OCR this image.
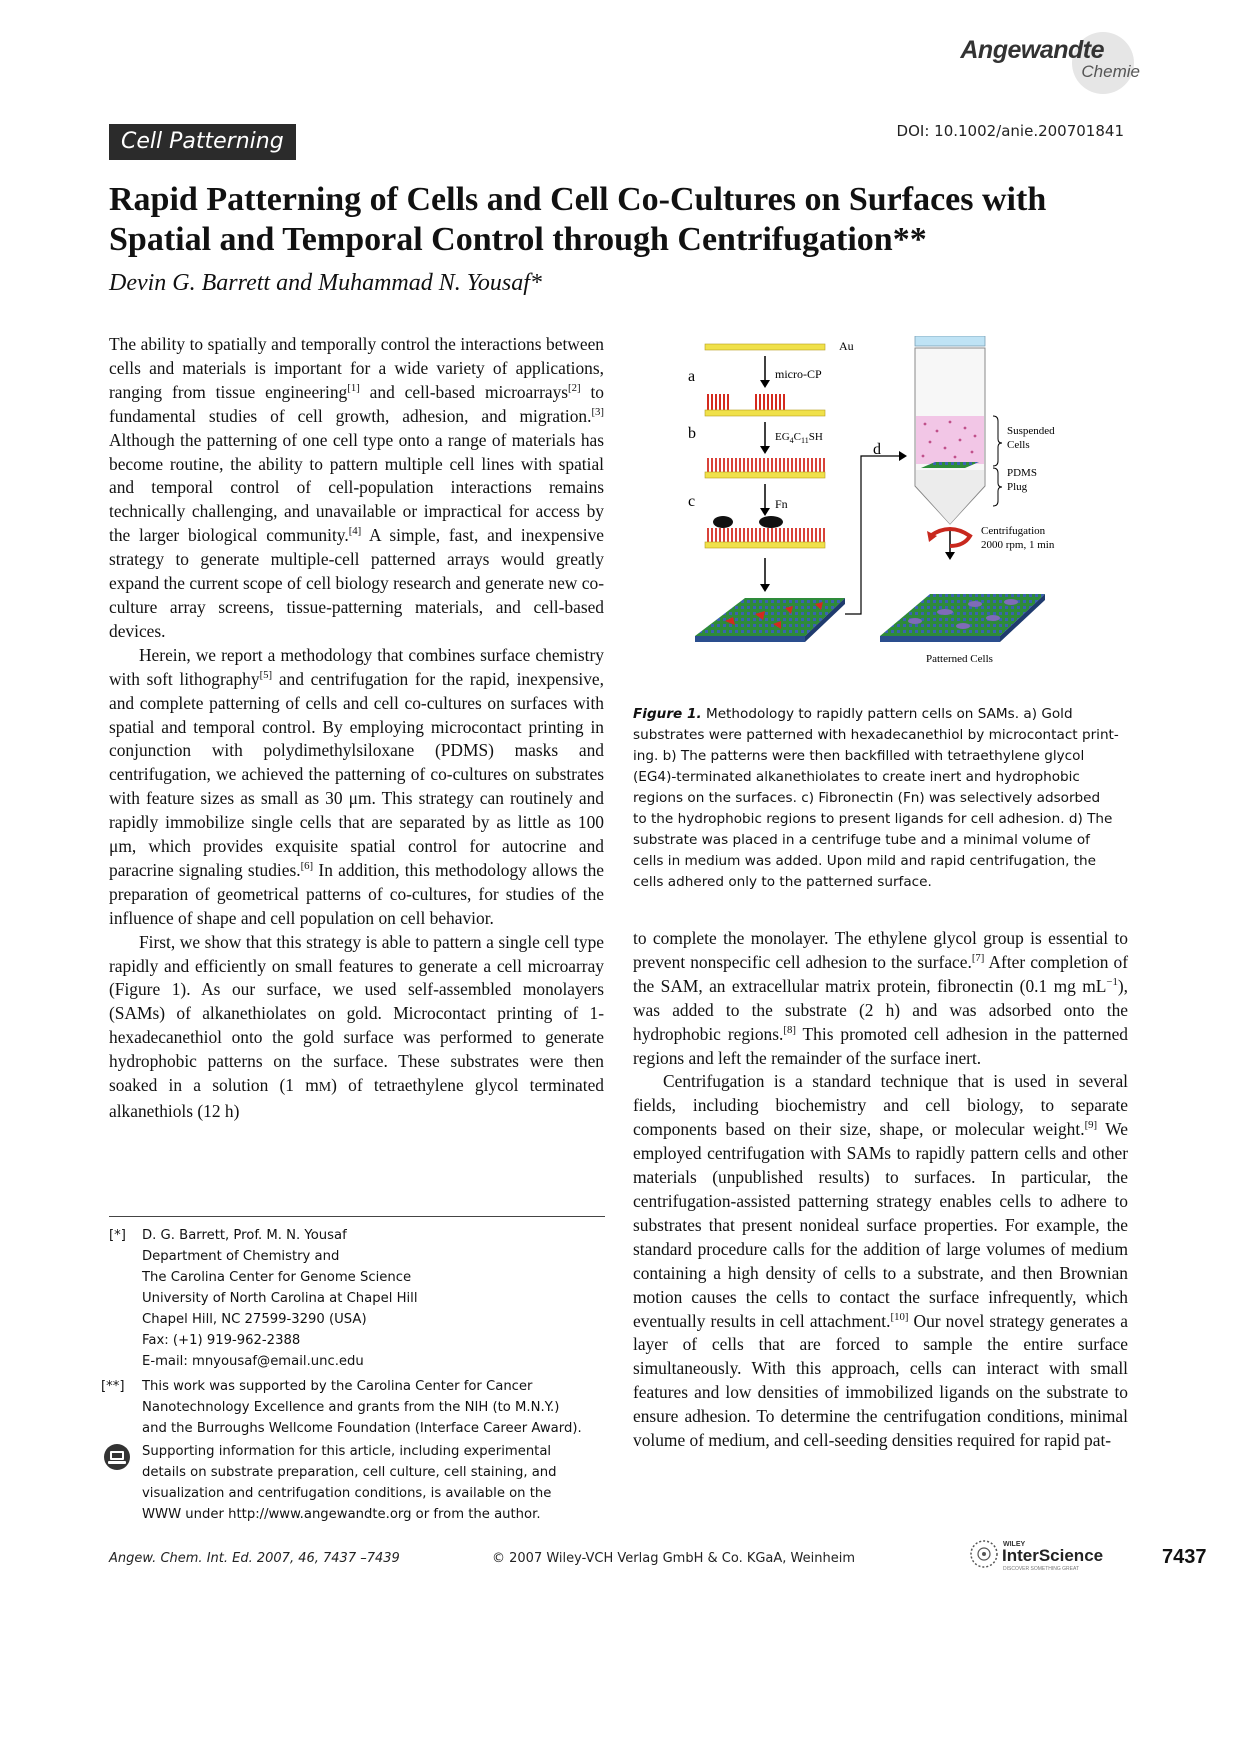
Angewandte
Chemie
Cell Patterning	DOI: 10.1002/anie.200701841
Rapid Patterning of Cells and Cell Co-Cultures on Surfaces with Spatial and Temporal Control through Centrifugation**
Devin G. Barrett and Muhammad N. Yousaf*

The ability to spatially and temporally control the interactions between cells and materials is important for a wide variety of applications, ranging from tissue engineering[1] and cell-based microarrays[2] to fundamental studies of cell growth, adhesion, and migration.[3] Although the patterning of one cell type onto a range of materials has become routine, the ability to pattern multiple cell lines with spatial and temporal control of cell-population interactions remains technically challenging, and unavailable or impractical for access by the larger biological community.[4] A simple, fast, and inexpensive strategy to generate multiple-cell patterned arrays would greatly expand the current scope of cell biology research and generate new co-culture array screens, tissue-patterning materials, and cell-based devices.

Herein, we report a methodology that combines surface chemistry with soft lithography[5] and centrifugation for the rapid, inexpensive, and complete patterning of cells and cell co-cultures on surfaces with spatial and temporal control. By employing microcontact printing in conjunction with polydimethylsiloxane (PDMS) masks and centrifugation, we achieved the patterning of co-cultures on substrates with feature sizes as small as 30 μm. This strategy can routinely and rapidly immobilize single cells that are separated by as little as 100 μm, which provides exquisite spatial control for autocrine and paracrine signaling studies.[6] In addition, this methodology allows the preparation of geometrical patterns of co-cultures, for studies of the influence of shape and cell population on cell behavior.

First, we show that this strategy is able to pattern a single cell type rapidly and efficiently on small features to generate a cell microarray (Figure 1). As our surface, we used self-assembled monolayers (SAMs) of alkanethiolates on gold. Microcontact printing of 1-hexadecanethiol onto the gold surface was performed to generate hydrophobic patterns on the surface. These substrates were then soaked in a solution (1 mM) of tetraethylene glycol terminated alkanethiols (12 h)

[*] D. G. Barrett, Prof. M. N. Yousaf
Department of Chemistry and
The Carolina Center for Genome Science
University of North Carolina at Chapel Hill
Chapel Hill, NC 27599-3290 (USA)
Fax: (+1) 919-962-2388
E-mail: mnyousaf@email.unc.edu
[**] This work was supported by the Carolina Center for Cancer
Nanotechnology Excellence and grants from the NIH (to M.N.Y.)
and the Burroughs Wellcome Foundation (Interface Career Award).
Supporting information for this article, including experimental
details on substrate preparation, cell culture, cell staining, and
visualization and centrifugation conditions, is available on the
WWW under http://www.angewandte.org or from the author.
Au
a	micro-CP
b	$EG_4C_{11}SH$
c	Fn
d
Suspended
Cells
PDMS
Plug
Centrifugation
2000 rpm, 1 min
Patterned Cells
Figure 1. Methodology to rapidly pattern cells on SAMs. a) Gold
substrates were patterned with hexadecanethiol by microcontact print-
ing. b) The patterns were then backfilled with tetraethylene glycol
(EG4)-terminated alkanethiolates to create inert and hydrophobic
regions on the surfaces. c) Fibronectin (Fn) was selectively adsorbed
to the hydrophobic regions to present ligands for cell adhesion. d) The
substrate was placed in a centrifuge tube and a minimal volume of
cells in medium was added. Upon mild and rapid centrifugation, the
cells adhered only to the patterned surface.

to complete the monolayer. The ethylene glycol group is essential to prevent nonspecific cell adhesion to the surface.[7] After completion of the SAM, an extracellular matrix protein, fibronectin (0.1 mg $mL^{-1}$), was added to the substrate (2 h) and was adsorbed onto the hydrophobic regions.[8] This promoted cell adhesion in the patterned regions and left the remainder of the surface inert.

Centrifugation is a standard technique that is used in several fields, including biochemistry and cell biology, to separate components based on their size, shape, or molecular weight.[9] We employed centrifugation with SAMs to rapidly pattern cells and other materials (unpublished results) to surfaces. In particular, the centrifugation-assisted patterning strategy enables cells to adhere to substrates that present nonideal surface properties. For example, the standard procedure calls for the addition of large volumes of medium containing a high density of cells to a substrate, and then Brownian motion causes the cells to contact the surface infrequently, which eventually results in cell attachment.[10] Our novel strategy generates a layer of cells that are forced to sample the entire surface simultaneously. With this approach, cells can interact with small features and low densities of immobilized ligands on the substrate to ensure adhesion. To determine the centrifugation conditions, minimal volume of medium, and cell-seeding densities required for rapid pat-

Angew. Chem. Int. Ed. 2007, 46, 7437 –7439	© 2007 Wiley-VCH Verlag GmbH & Co. KGaA, Weinheim
WILEY
InterScience
DISCOVER SOMETHING GREAT
7437
